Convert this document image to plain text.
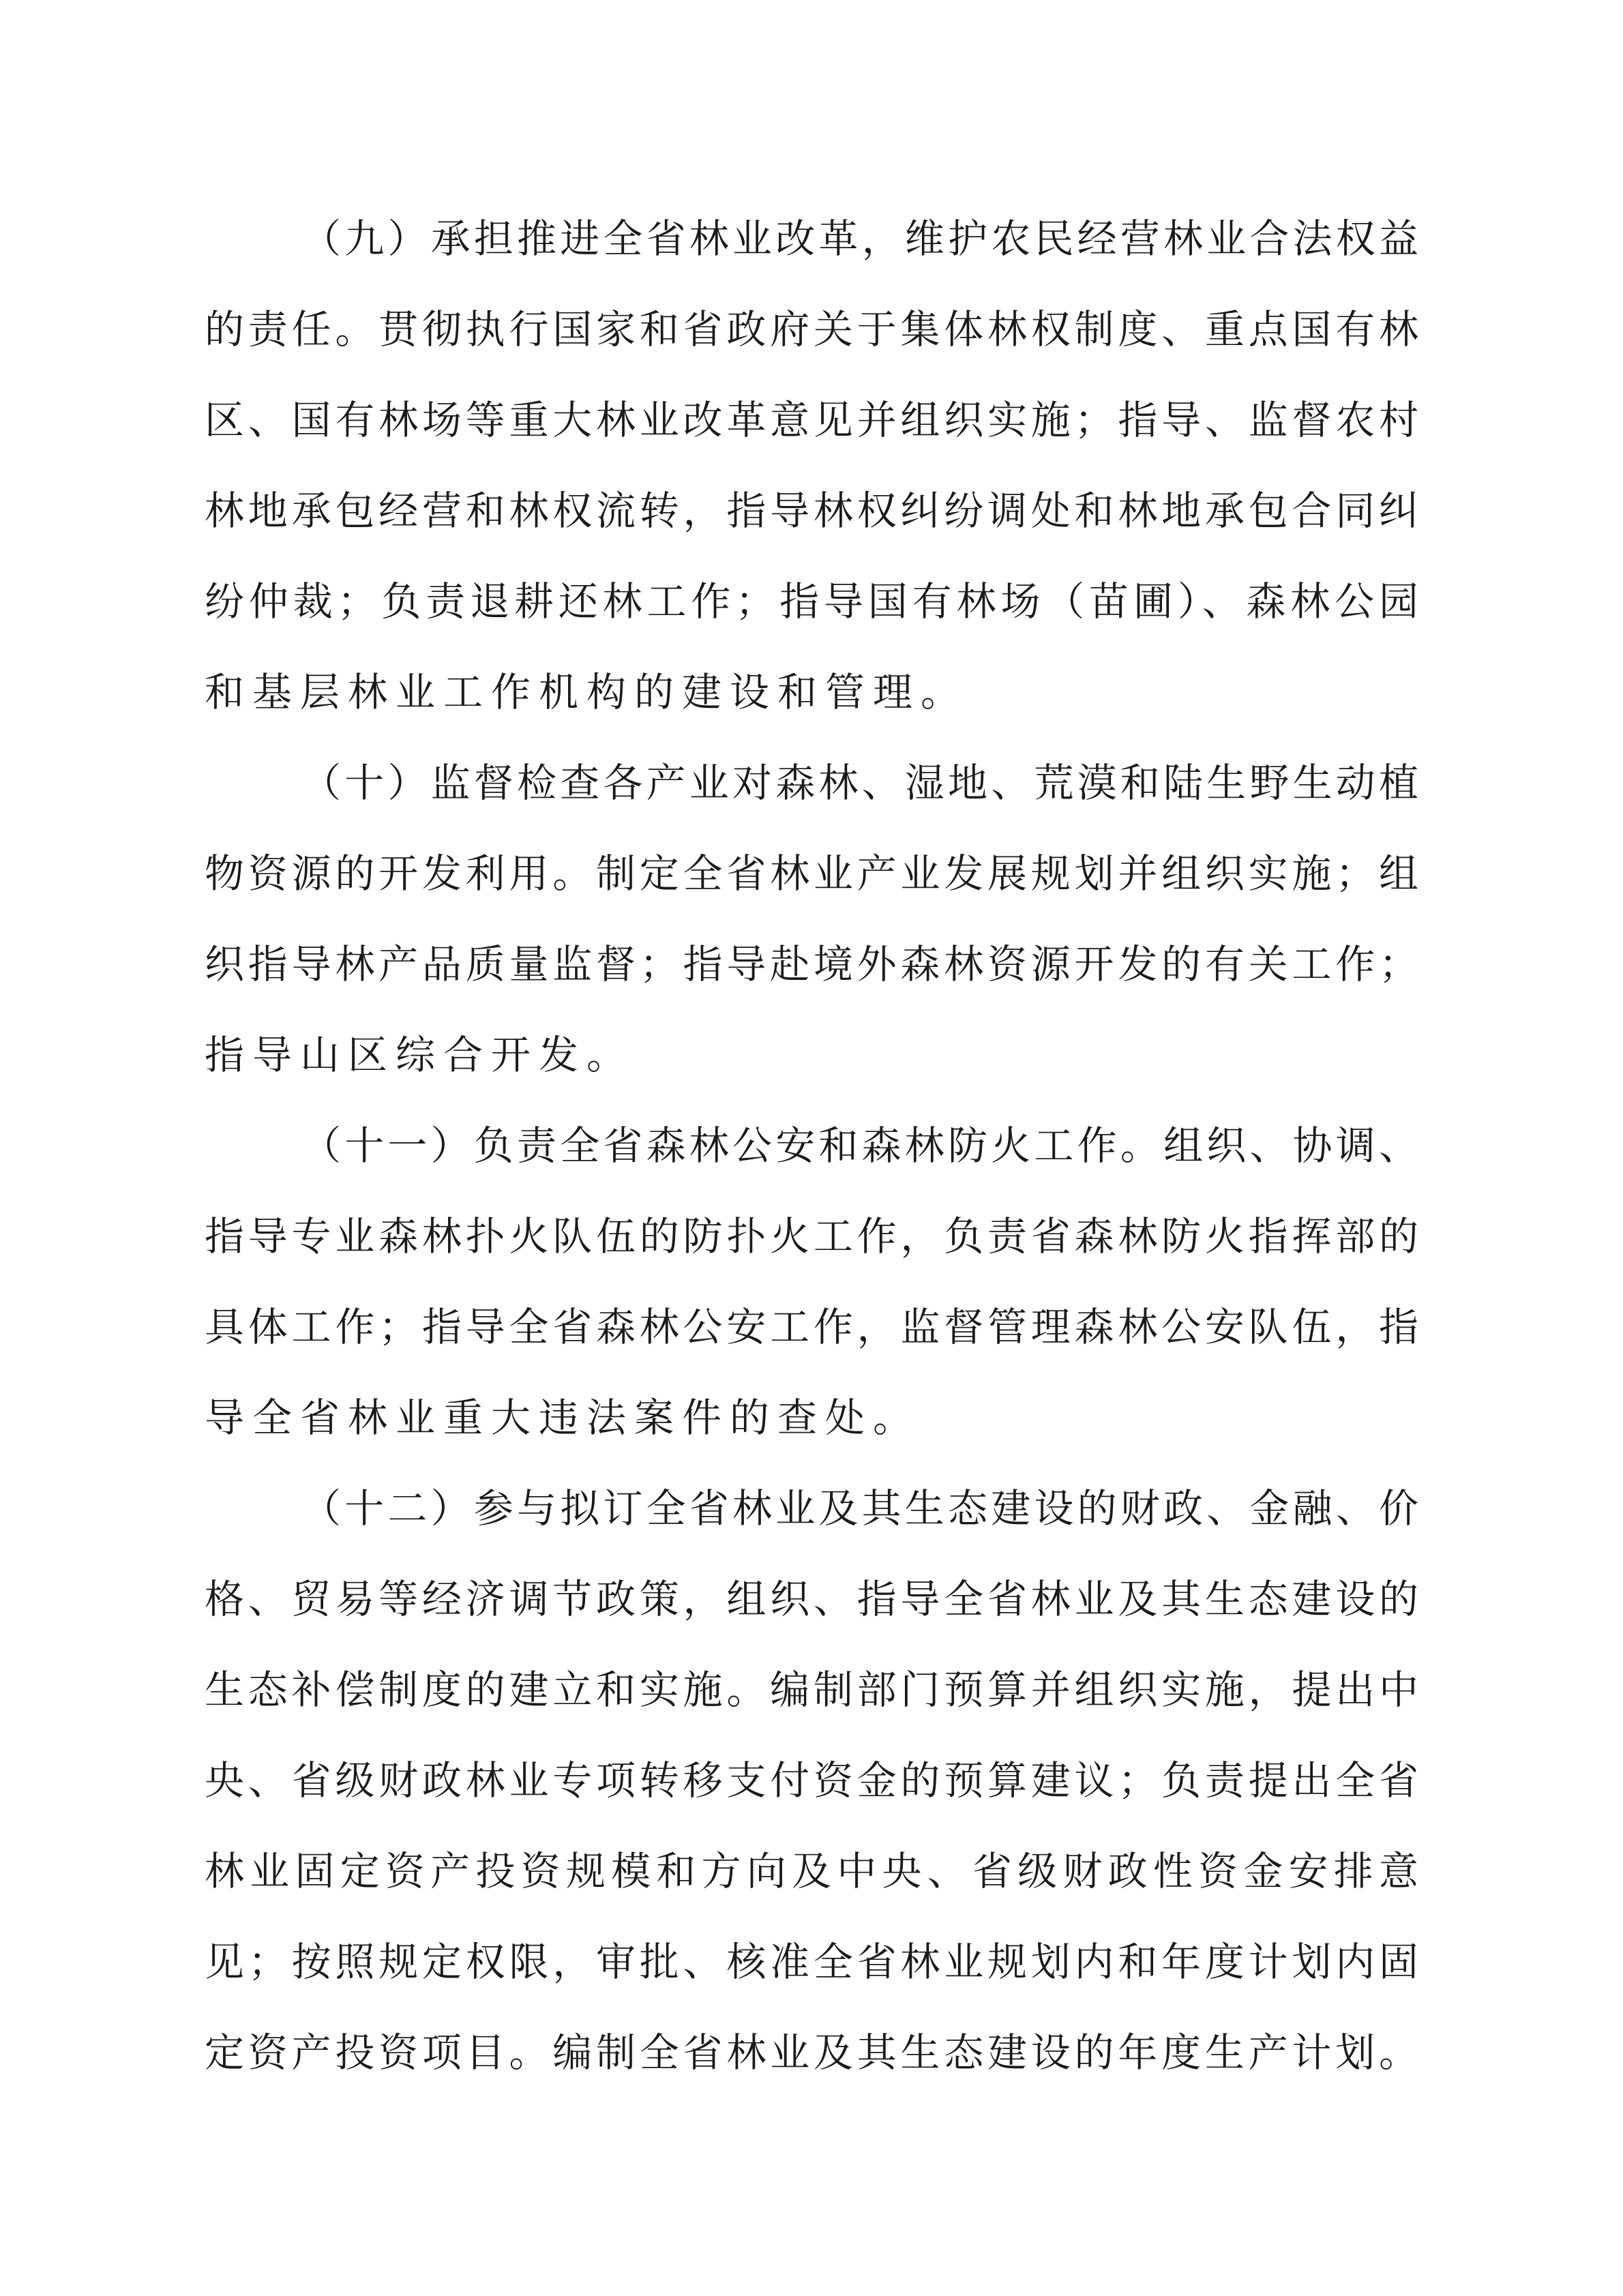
（九）承担推进全省林业改革，维护农民经营林业合法权益
的责任。贯彻执行国家和省政府关于集体林权制度、重点国有林
区、国有林场等重大林业改革意见并组织实施；指导、监督农村
林地承包经营和林权流转，指导林权纠纷调处和林地承包合同纠
纷仲裁；负责退耕还林工作；指导国有林场（苗圃）、森林公园
和基层林业工作机构的建设和管理。
（十）监督检查各产业对森林、湿地、荒漠和陆生野生动植
物资源的开发利用。制定全省林业产业发展规划并组织实施；组
织指导林产品质量监督；指导赴境外森林资源开发的有关工作；
指导山区综合开发。
（十一）负责全省森林公安和森林防火工作。组织、协调、
指导专业森林扑火队伍的防扑火工作，负责省森林防火指挥部的
具体工作；指导全省森林公安工作，监督管理森林公安队伍，指
导全省林业重大违法案件的查处。
（十二）参与拟订全省林业及其生态建设的财政、金融、价
格、贸易等经济调节政策，组织、指导全省林业及其生态建设的
生态补偿制度的建立和实施。编制部门预算并组织实施，提出中
央、省级财政林业专项转移支付资金的预算建议；负责提出全省
林业固定资产投资规模和方向及中央、省级财政性资金安排意
见；按照规定权限，审批、核准全省林业规划内和年度计划内固
定资产投资项目。编制全省林业及其生态建设的年度生产计划。
